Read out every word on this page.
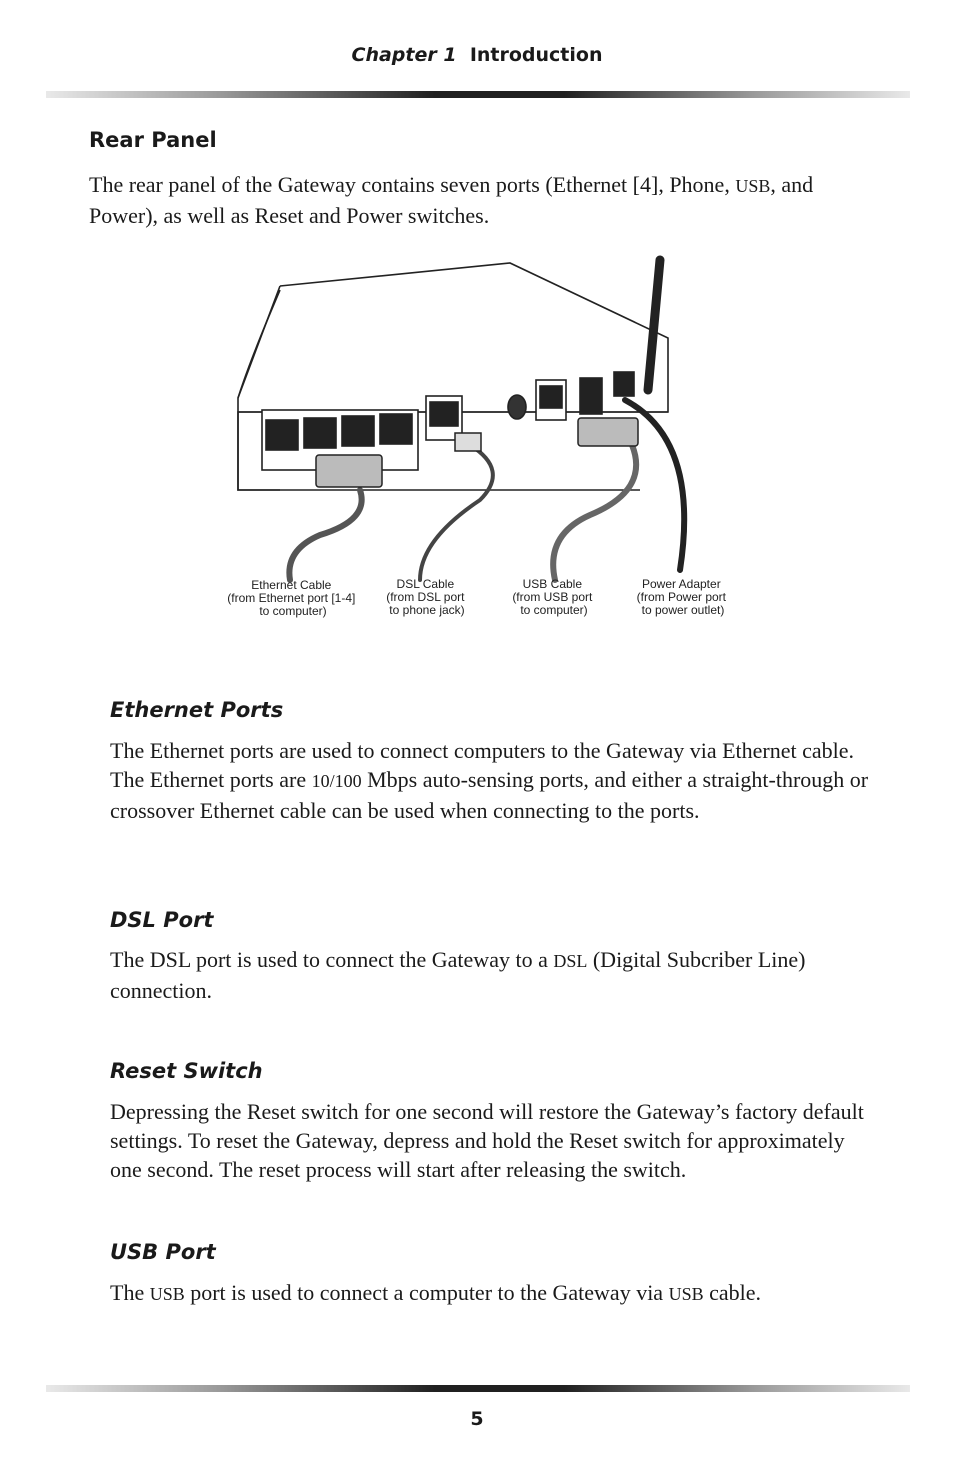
Chapter 1 Introduction
Rear Panel

The rear panel of the Gateway contains seven ports (Ethernet [4], Phone, USB, and Power), as well as Reset and Power switches.

Ethernet Cable (from Ethernet port [1-4] to computer)
DSL Cable (from DSL port to phone jack)
USB Cable (from USB port to computer)
Power Adapter (from Power port to power outlet)
Ethernet Ports

The Ethernet ports are used to connect computers to the Gateway via Ethernet cable. The Ethernet ports are 10/100 Mbps auto-sensing ports, and either a straight-through or crossover Ethernet cable can be used when connecting to the ports.

DSL Port

The DSL port is used to connect the Gateway to a DSL (Digital Subcriber Line) connection.

Reset Switch

Depressing the Reset switch for one second will restore the Gateway’s factory default settings. To reset the Gateway, depress and hold the Reset switch for approximately one second. The reset process will start after releasing the switch.

USB Port

The USB port is used to connect a computer to the Gateway via USB cable.

5
